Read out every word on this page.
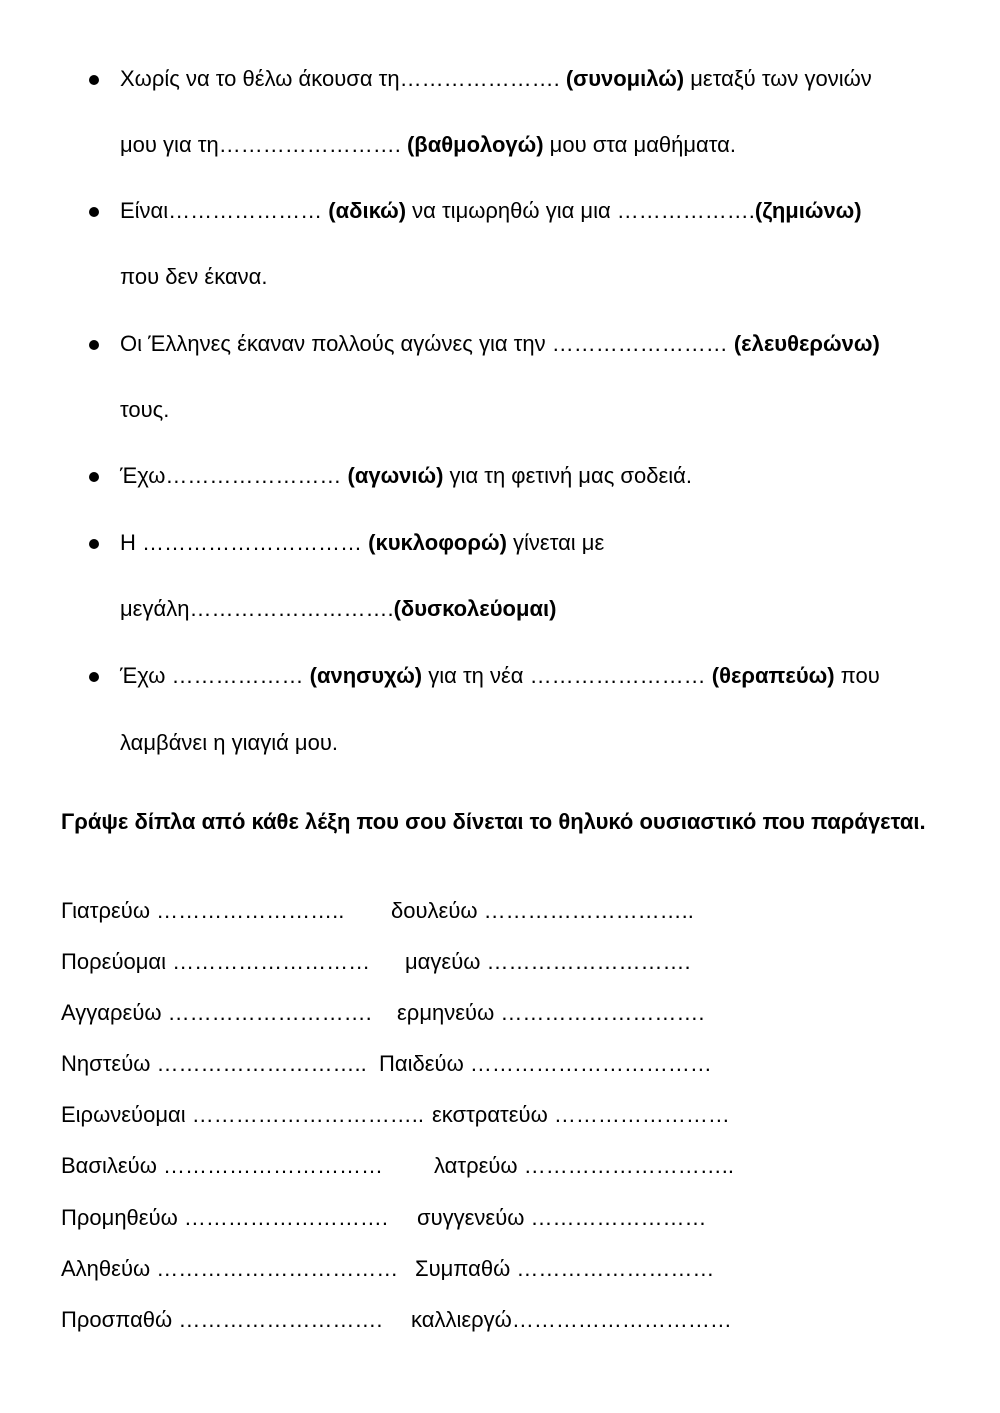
Χωρίς να το θέλω άκουσα τη…………………. (συνομιλώ) μεταξύ των γονιών
μου για τη……………………. (βαθμολογώ) μου στα μαθήματα.
Είναι………………… (αδικώ) να τιμωρηθώ για μια ……………….(ζημιώνω)
που δεν έκανα.
Οι Έλληνες έκαναν πολλούς αγώνες για την …………………… (ελευθερώνω)
τους.
Έχω…………………… (αγωνιώ) για τη φετινή μας σοδειά.
Η ………………………… (κυκλοφορώ) γίνεται με
μεγάλη……………………….(δυσκολεύομαι)
Έχω ……………… (ανησυχώ) για τη νέα …………………… (θεραπεύω) που
λαμβάνει η γιαγιά μου.
Γράψε δίπλα από κάθε λέξη που σου δίνεται το θηλυκό ουσιαστικό που παράγεται.
Γιατρεύω …………………….. δουλεύω ………………………..
Πορεύομαι ……………………… μαγεύω ……………………….
Αγγαρεύω ………………………. ερμηνεύω ……………………….
Νηστεύω ……………………….. Παιδεύω ……………………………
Ειρωνεύομαι ………………………….. εκστρατεύω ……………………
Βασιλεύω ………………………… λατρεύω ………………………..
Προμηθεύω ………………………. συγγενεύω ……………………
Αληθεύω …………………………… Συμπαθώ ………………………
Προσπαθώ ………………………. καλλιεργώ…………………………
